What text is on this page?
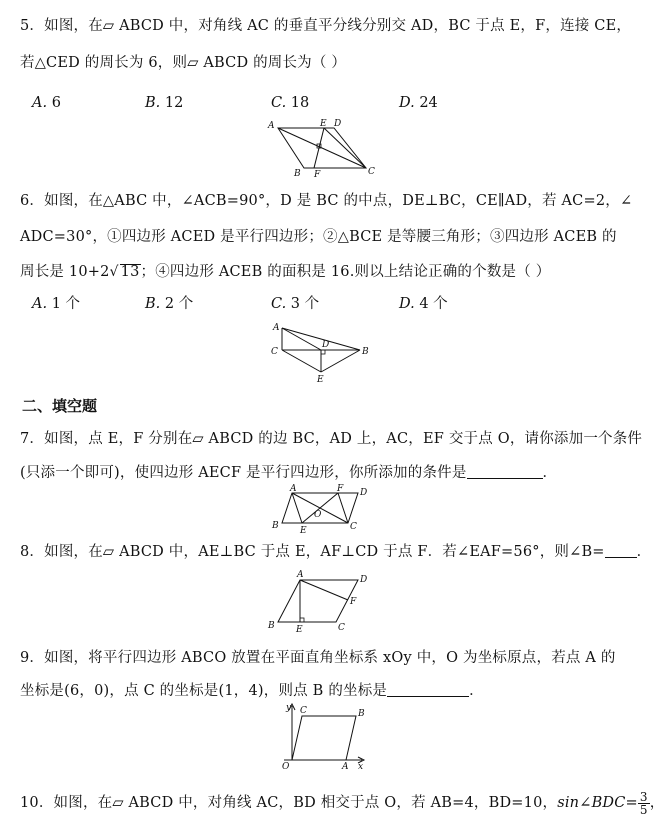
5．如图，在▱ ABCD 中，对角线 AC 的垂直平分线分别交 AD，BC 于点 E，F，连接 CE，
若△CED 的周长为 6，则▱ ABCD 的周长为（ ）
A. 6	B. 12	C. 18	D. 24
A	E D
B F	C
6．如图，在△ABC 中，∠ACB=90°，D 是 BC 的中点，DE⊥BC，CE∥AD，若 AC=2，∠
ADC=30°，①四边形 ACED 是平行四边形；②△BCE 是等腰三角形；③四边形 ACEB 的
周长是 10+2√ 13；④四边形 ACEB 的面积是 16.则以上结论正确的个数是（ ）
A. 1 个	B. 2 个	C. 3 个	D. 4 个
A
C
D
B
E
二、填空题
7．如图，点 E，F 分别在▱ ABCD 的边 BC，AD 上，AC，EF 交于点 O，请你添加一个条件
(只添一个即可)，使四边形 AECF 是平行四边形，你所添加的条件是	．
A	F D
O
B E	C
8．如图，在▱ ABCD 中，AE⊥BC 于点 E，AF⊥CD 于点 F．若∠EAF=56°，则∠B= ．
A	D
F
B E	C
9．如图，将平行四边形 ABCO 放置在平面直角坐标系 xOy 中，O 为坐标原点，若点 A 的
坐标是(6，0)，点 C 的坐标是(1，4)，则点 B 的坐标是	．
y C	B
O	A x
10．如图，在▱ ABCD 中，对角线 AC，BD 相交于点 O，若 AB=4，BD=10，sin∠BDC= $\frac{3}{5}$ ，
